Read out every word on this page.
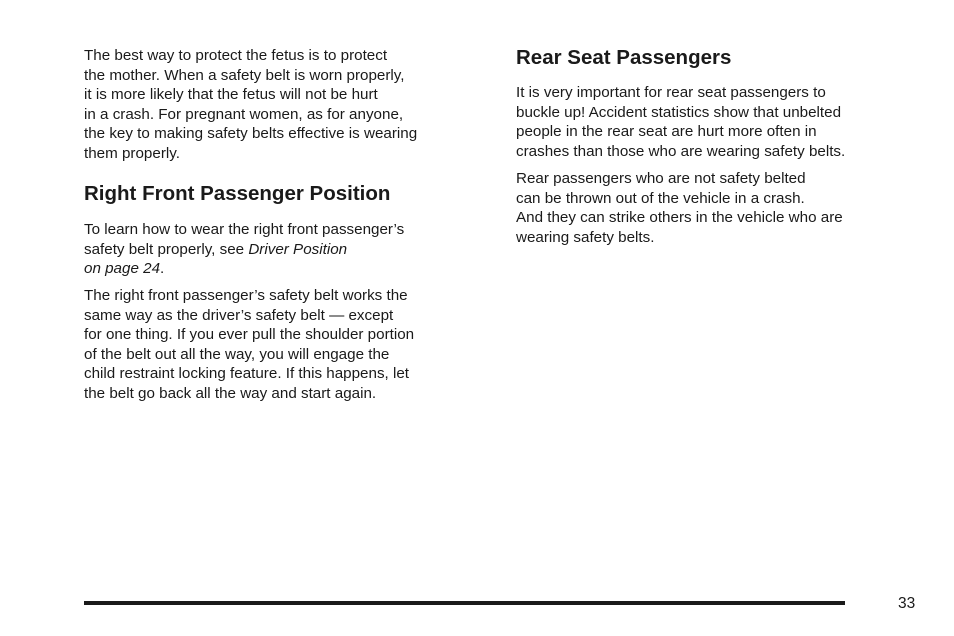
The best way to protect the fetus is to protect
the mother. When a safety belt is worn properly,
it is more likely that the fetus will not be hurt
in a crash. For pregnant women, as for anyone,
the key to making safety belts effective is wearing
them properly.

Right Front Passenger Position

To learn how to wear the right front passenger’s
safety belt properly, see Driver Position
on page 24.

The right front passenger’s safety belt works the
same way as the driver’s safety belt — except
for one thing. If you ever pull the shoulder portion
of the belt out all the way, you will engage the
child restraint locking feature. If this happens, let
the belt go back all the way and start again.

Rear Seat Passengers

It is very important for rear seat passengers to
buckle up! Accident statistics show that unbelted
people in the rear seat are hurt more often in
crashes than those who are wearing safety belts.

Rear passengers who are not safety belted
can be thrown out of the vehicle in a crash.
And they can strike others in the vehicle who are
wearing safety belts.

33
